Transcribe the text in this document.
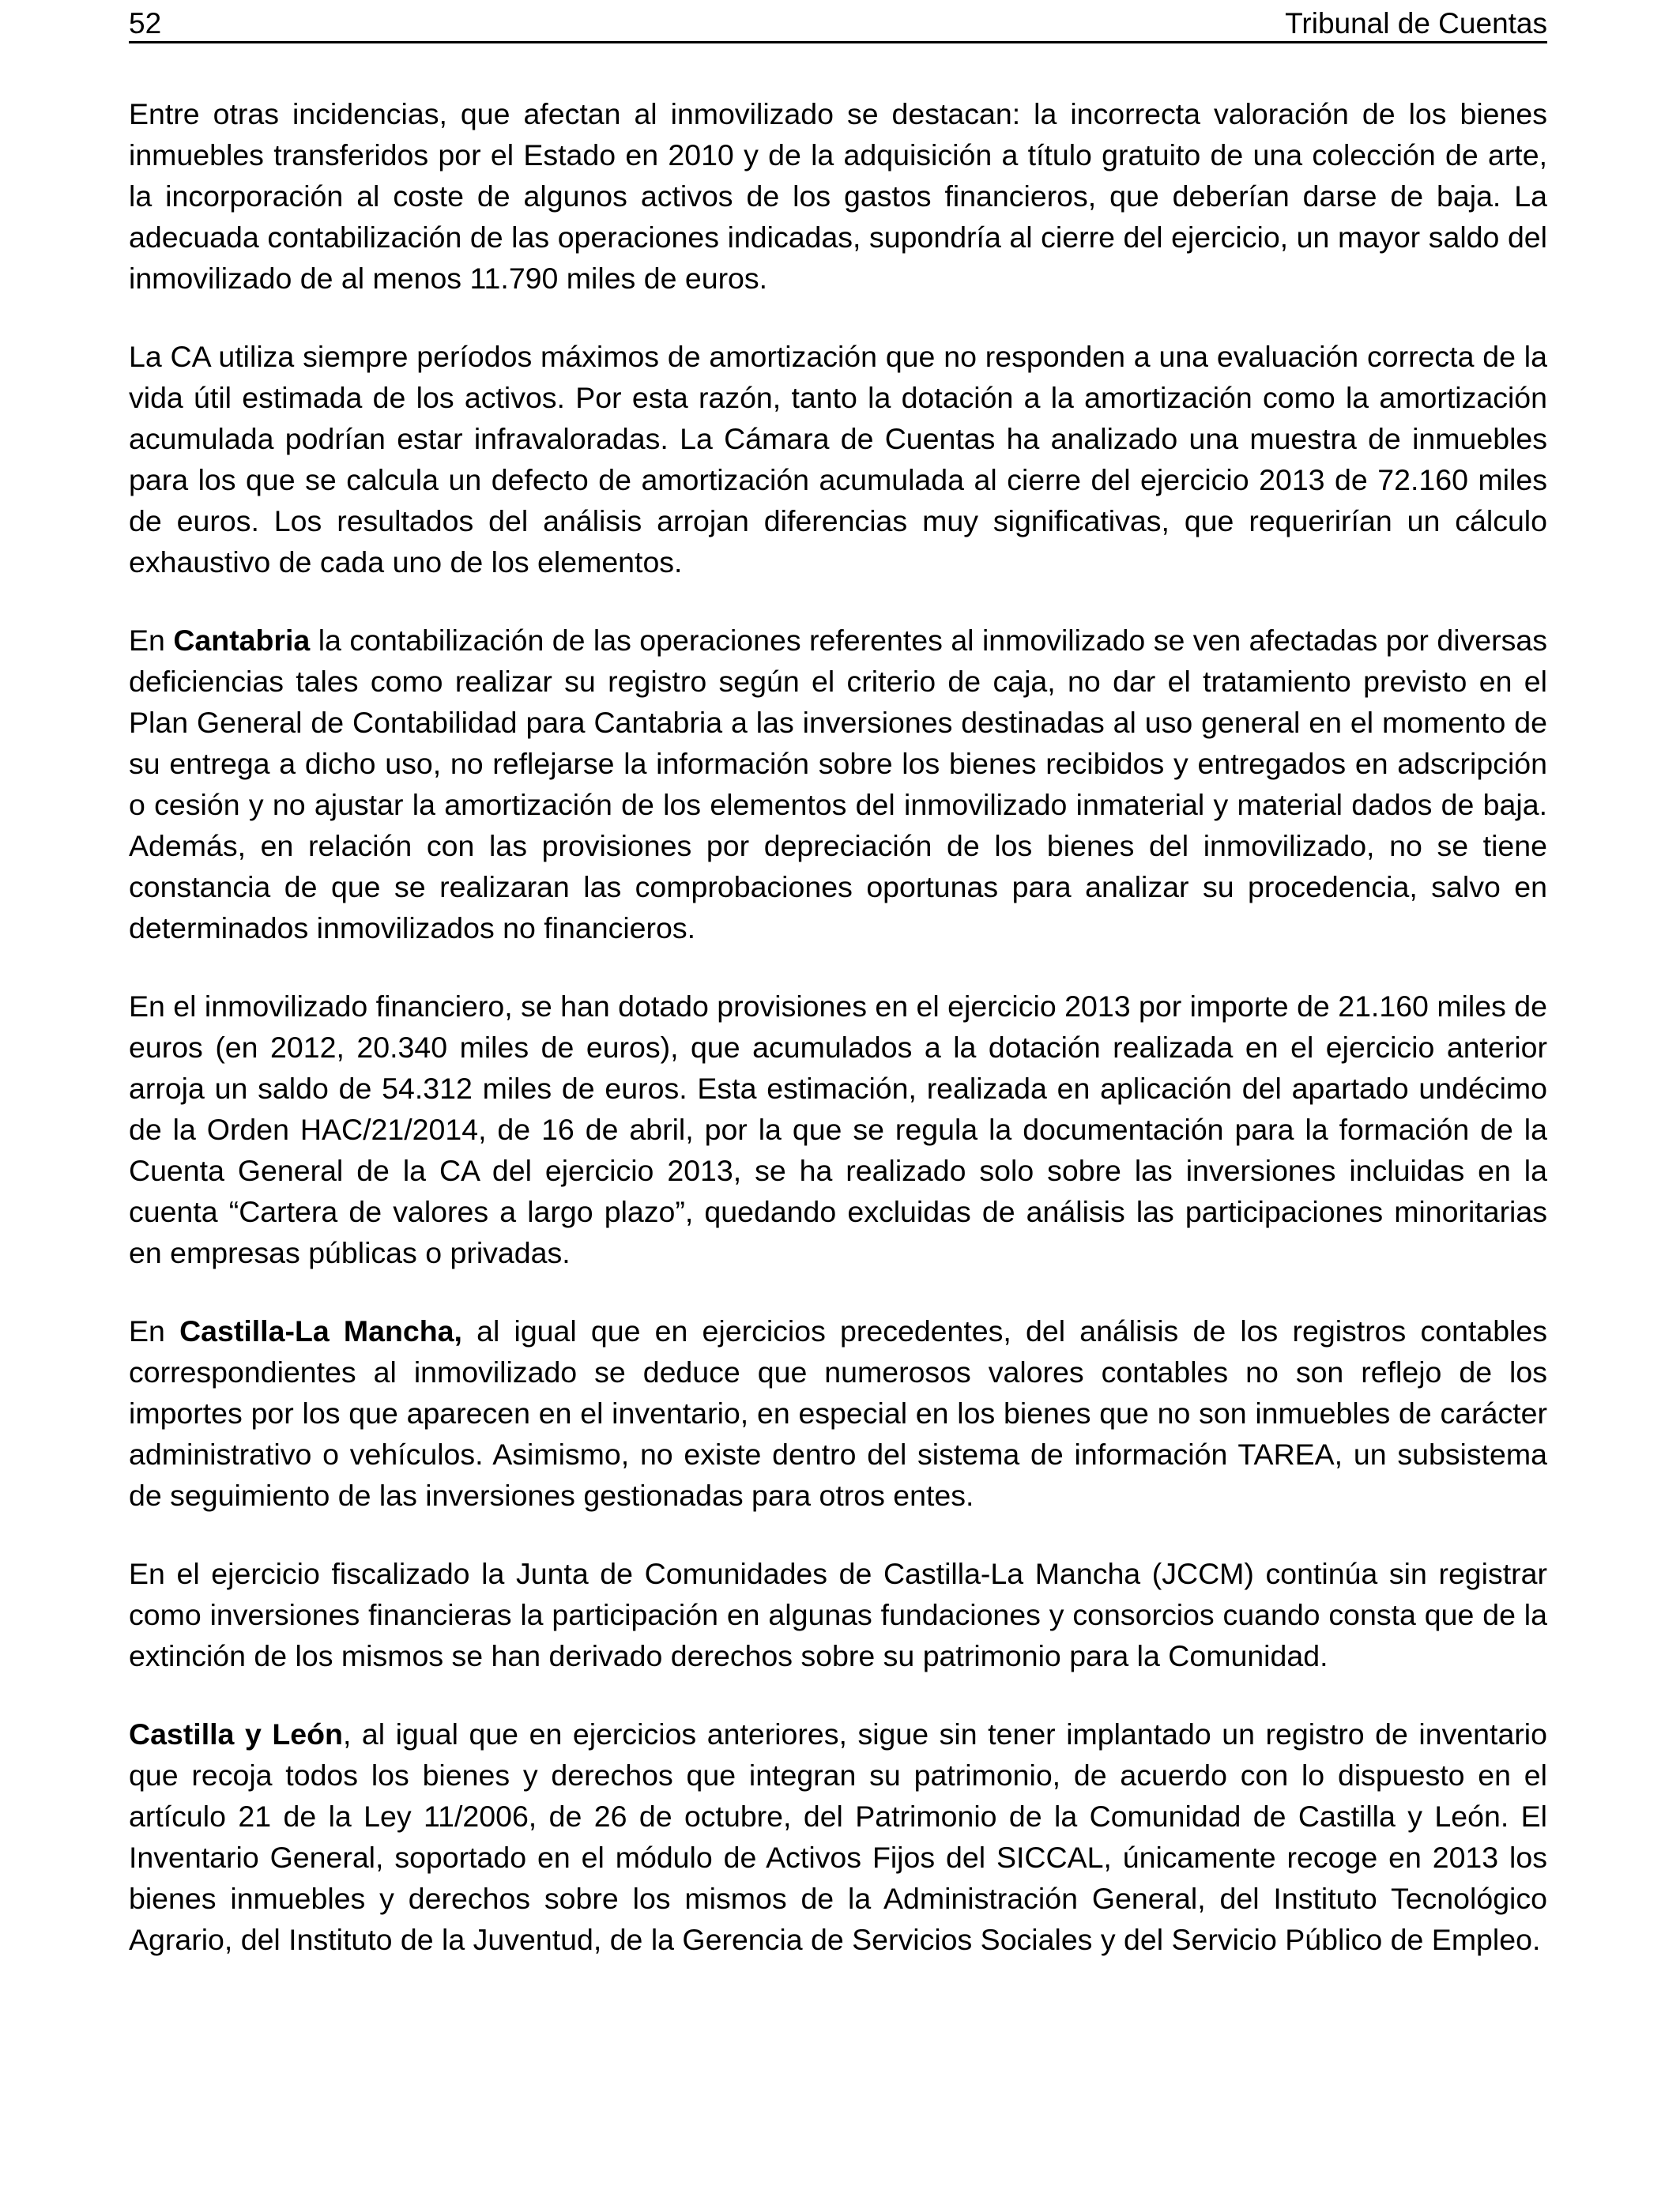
52	Tribunal de Cuentas

Entre otras incidencias, que afectan al inmovilizado se destacan: la incorrecta valoración de los bienes inmuebles transferidos por el Estado en 2010 y de la adquisición a título gratuito de una colección de arte, la incorporación al coste de algunos activos de los gastos financieros, que deberían darse de baja. La adecuada contabilización de las operaciones indicadas, supondría al cierre del ejercicio, un mayor saldo del inmovilizado de al menos 11.790 miles de euros.

La CA utiliza siempre períodos máximos de amortización que no responden a una evaluación correcta de la vida útil estimada de los activos. Por esta razón, tanto la dotación a la amortización como la amortización acumulada podrían estar infravaloradas. La Cámara de Cuentas ha analizado una muestra de inmuebles para los que se calcula un defecto de amortización acumulada al cierre del ejercicio 2013 de 72.160 miles de euros. Los resultados del análisis arrojan diferencias muy significativas, que requerirían un cálculo exhaustivo de cada uno de los elementos.

En Cantabria la contabilización de las operaciones referentes al inmovilizado se ven afectadas por diversas deficiencias tales como realizar su registro según el criterio de caja, no dar el tratamiento previsto en el Plan General de Contabilidad para Cantabria a las inversiones destinadas al uso general en el momento de su entrega a dicho uso, no reflejarse la información sobre los bienes recibidos y entregados en adscripción o cesión y no ajustar la amortización de los elementos del inmovilizado inmaterial y material dados de baja. Además, en relación con las provisiones por depreciación de los bienes del inmovilizado, no se tiene constancia de que se realizaran las comprobaciones oportunas para analizar su procedencia, salvo en determinados inmovilizados no financieros.

En el inmovilizado financiero, se han dotado provisiones en el ejercicio 2013 por importe de 21.160 miles de euros (en 2012, 20.340 miles de euros), que acumulados a la dotación realizada en el ejercicio anterior arroja un saldo de 54.312 miles de euros. Esta estimación, realizada en aplicación del apartado undécimo de la Orden HAC/21/2014, de 16 de abril, por la que se regula la documentación para la formación de la Cuenta General de la CA del ejercicio 2013, se ha realizado solo sobre las inversiones incluidas en la cuenta “Cartera de valores a largo plazo”, quedando excluidas de análisis las participaciones minoritarias en empresas públicas o privadas.

En Castilla-La Mancha, al igual que en ejercicios precedentes, del análisis de los registros contables correspondientes al inmovilizado se deduce que numerosos valores contables no son reflejo de los importes por los que aparecen en el inventario, en especial en los bienes que no son inmuebles de carácter administrativo o vehículos. Asimismo, no existe dentro del sistema de información TAREA, un subsistema de seguimiento de las inversiones gestionadas para otros entes.

En el ejercicio fiscalizado la Junta de Comunidades de Castilla-La Mancha (JCCM) continúa sin registrar como inversiones financieras la participación en algunas fundaciones y consorcios cuando consta que de la extinción de los mismos se han derivado derechos sobre su patrimonio para la Comunidad.

Castilla y León, al igual que en ejercicios anteriores, sigue sin tener implantado un registro de inventario que recoja todos los bienes y derechos que integran su patrimonio, de acuerdo con lo dispuesto en el artículo 21 de la Ley 11/2006, de 26 de octubre, del Patrimonio de la Comunidad de Castilla y León. El Inventario General, soportado en el módulo de Activos Fijos del SICCAL, únicamente recoge en 2013 los bienes inmuebles y derechos sobre los mismos de la Administración General, del Instituto Tecnológico Agrario, del Instituto de la Juventud, de la Gerencia de Servicios Sociales y del Servicio Público de Empleo.
